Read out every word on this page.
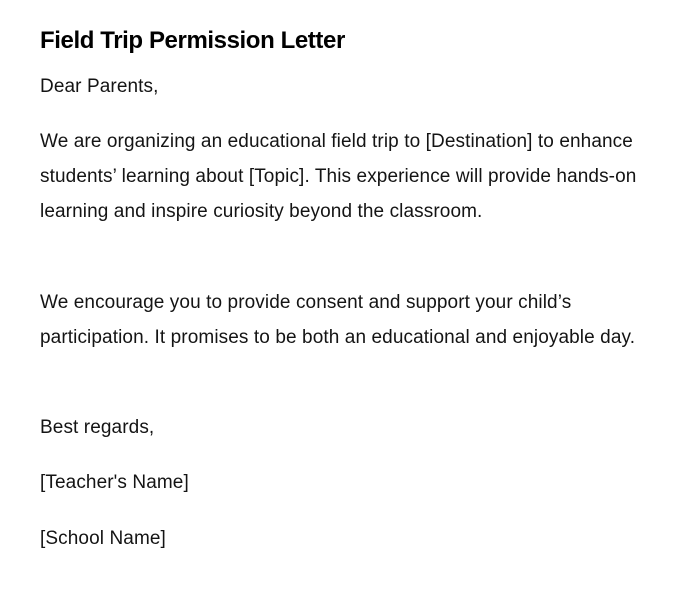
Field Trip Permission Letter

Dear Parents,

We are organizing an educational field trip to [Destination] to enhance students’ learning about [Topic]. This experience will provide hands-on learning and inspire curiosity beyond the classroom.

We encourage you to provide consent and support your child’s participation. It promises to be both an educational and enjoyable day.

Best regards,

[Teacher's Name]

[School Name]
